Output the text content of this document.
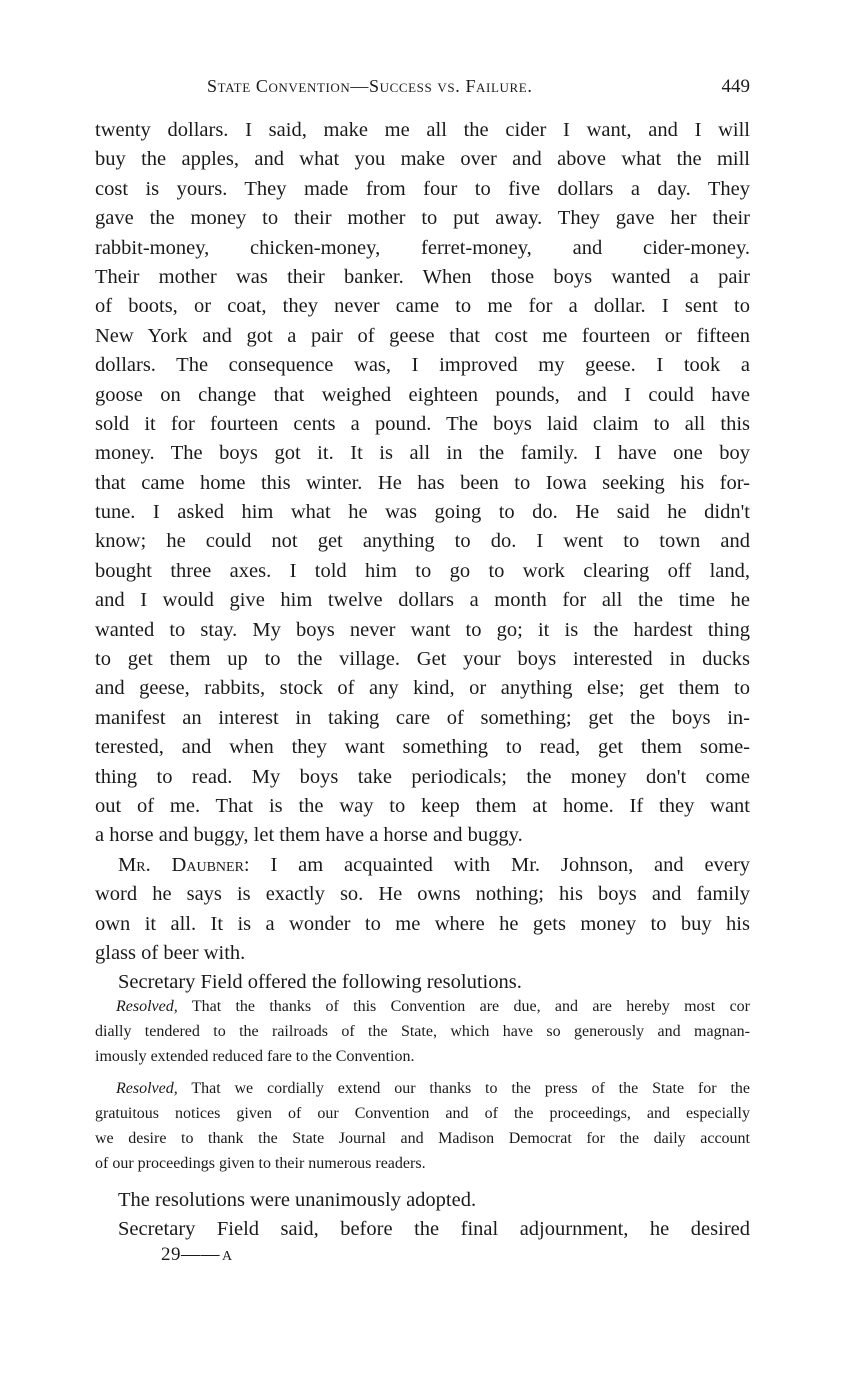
State Convention—Success vs. Failure.	449
twenty dollars. I said, make me all the cider I want, and I will
buy the apples, and what you make over and above what the mill
cost is yours. They made from four to five dollars a day. They
gave the money to their mother to put away. They gave her their
rabbit-money, chicken-money, ferret-money, and cider-money.
Their mother was their banker. When those boys wanted a pair
of boots, or coat, they never came to me for a dollar. I sent to
New York and got a pair of geese that cost me fourteen or fifteen
dollars. The consequence was, I improved my geese. I took a
goose on change that weighed eighteen pounds, and I could have
sold it for fourteen cents a pound. The boys laid claim to all this
money. The boys got it. It is all in the family. I have one boy
that came home this winter. He has been to Iowa seeking his for-
tune. I asked him what he was going to do. He said he didn't
know; he could not get anything to do. I went to town and
bought three axes. I told him to go to work clearing off land,
and I would give him twelve dollars a month for all the time he
wanted to stay. My boys never want to go; it is the hardest thing
to get them up to the village. Get your boys interested in ducks
and geese, rabbits, stock of any kind, or anything else; get them to
manifest an interest in taking care of something; get the boys in-
terested, and when they want something to read, get them some-
thing to read. My boys take periodicals; the money don't come
out of me. That is the way to keep them at home. If they want
a horse and buggy, let them have a horse and buggy.
Mr. Daubner: I am acquainted with Mr. Johnson, and every
word he says is exactly so. He owns nothing; his boys and family
own it all. It is a wonder to me where he gets money to buy his
glass of beer with.
Secretary Field offered the following resolutions.
Resolved, That the thanks of this Convention are due, and are hereby most cor
dially tendered to the railroads of the State, which have so generously and magnan-
imously extended reduced fare to the Convention.
Resolved, That we cordially extend our thanks to the press of the State for the
gratuitous notices given of our Convention and of the proceedings, and especially
we desire to thank the State Journal and Madison Democrat for the daily account
of our proceedings given to their numerous readers.
The resolutions were unanimously adopted.
Secretary Field said, before the final adjournment, he desired
29—— A
